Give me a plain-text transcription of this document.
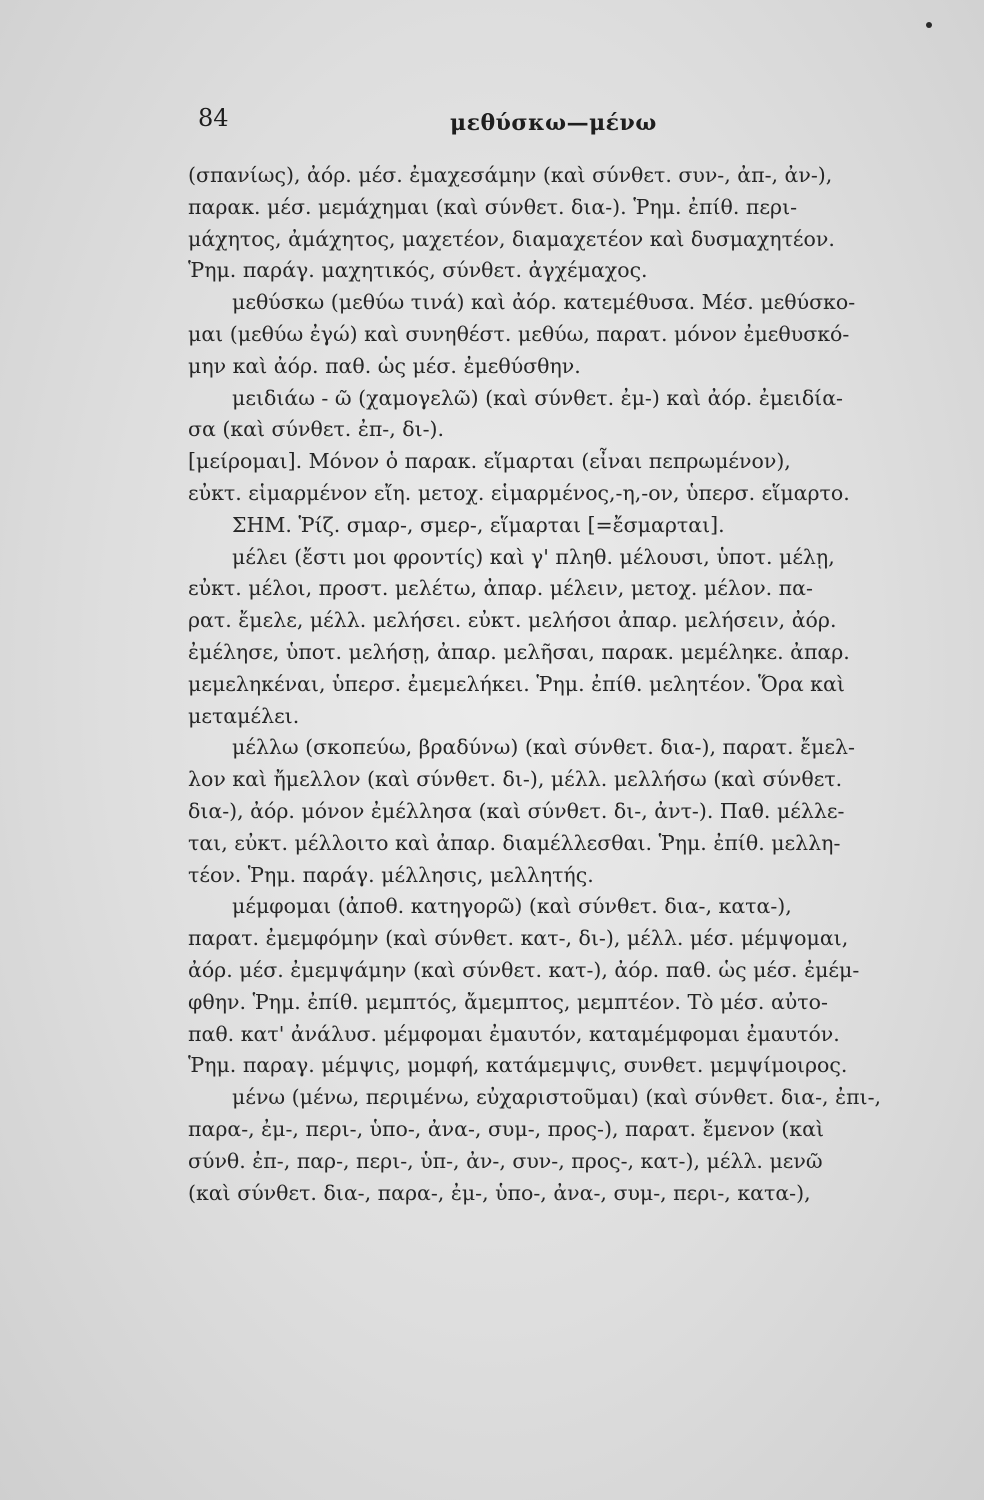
84	μεθύσκω—μένω
(σπανίως), ἀόρ. μέσ. ἐμαχεσάμην (καὶ σύνθετ. συν-, ἀπ-, ἀν-),
παρακ. μέσ. μεμάχημαι (καὶ σύνθετ. δια-). Ῥημ. ἐπίθ. περι-
μάχητος, ἀμάχητος, μαχετέον, διαμαχετέον καὶ δυσμαχητέον.
Ῥημ. παράγ. μαχητικός, σύνθετ. ἀγχέμαχος.
μεθύσκω (μεθύω τινά) καὶ ἀόρ. κατεμέθυσα. Μέσ. μεθύσκο-
μαι (μεθύω ἐγώ) καὶ συνηθέστ. μεθύω, παρατ. μόνον ἐμεθυσκό-
μην καὶ ἀόρ. παθ. ὡς μέσ. ἐμεθύσθην.
μειδιάω - ῶ (χαμογελῶ) (καὶ σύνθετ. ἐμ-) καὶ ἀόρ. ἐμειδία-
σα (καὶ σύνθετ. ἐπ-, δι-).
[μείρομαι]. Μόνον ὁ παρακ. εἵμαρται (εἶναι πεπρωμένον),
εὐκτ. εἱμαρμένον εἴη. μετοχ. εἱμαρμένος,-η,-ον, ὑπερσ. εἵμαρτο.
ΣΗΜ. Ῥίζ. σμαρ-, σμερ-, εἵμαρται [=ἔσμαρται].
μέλει (ἔστι μοι φροντίς) καὶ γ' πληθ. μέλουσι, ὑποτ. μέλῃ,
εὐκτ. μέλοι, προστ. μελέτω, ἀπαρ. μέλειν, μετοχ. μέλον. πα-
ρατ. ἔμελε, μέλλ. μελήσει. εὐκτ. μελήσοι ἀπαρ. μελήσειν, ἀόρ.
ἐμέλησε, ὑποτ. μελήσῃ, ἀπαρ. μελῆσαι, παρακ. μεμέληκε. ἀπαρ.
μεμεληκέναι, ὑπερσ. ἐμεμελήκει. Ῥημ. ἐπίθ. μελητέον. Ὅρα καὶ
μεταμέλει.
μέλλω (σκοπεύω, βραδύνω) (καὶ σύνθετ. δια-), παρατ. ἔμελ-
λον καὶ ἤμελλον (καὶ σύνθετ. δι-), μέλλ. μελλήσω (καὶ σύνθετ.
δια-), ἀόρ. μόνον ἐμέλλησα (καὶ σύνθετ. δι-, ἀντ-). Παθ. μέλλε-
ται, εὐκτ. μέλλοιτο καὶ ἀπαρ. διαμέλλεσθαι. Ῥημ. ἐπίθ. μελλη-
τέον. Ῥημ. παράγ. μέλλησις, μελλητής.
μέμφομαι (ἀποθ. κατηγορῶ) (καὶ σύνθετ. δια-, κατα-),
παρατ. ἐμεμφόμην (καὶ σύνθετ. κατ-, δι-), μέλλ. μέσ. μέμψομαι,
ἀόρ. μέσ. ἐμεμψάμην (καὶ σύνθετ. κατ-), ἀόρ. παθ. ὡς μέσ. ἐμέμ-
φθην. Ῥημ. ἐπίθ. μεμπτός, ἄμεμπτος, μεμπτέον. Τὸ μέσ. αὐτο-
παθ. κατ' ἀνάλυσ. μέμφομαι ἐμαυτόν, καταμέμφομαι ἐμαυτόν.
Ῥημ. παραγ. μέμψις, μομφή, κατάμεμψις, συνθετ. μεμψίμοιρος.
μένω (μένω, περιμένω, εὐχαριστοῦμαι) (καὶ σύνθετ. δια-, ἐπι-,
παρα-, ἐμ-, περι-, ὑπο-, ἀνα-, συμ-, προς-), παρατ. ἔμενον (καὶ
σύνθ. ἐπ-, παρ-, περι-, ὑπ-, ἀν-, συν-, προς-, κατ-), μέλλ. μενῶ
(καὶ σύνθετ. δια-, παρα-, ἐμ-, ὑπο-, ἀνα-, συμ-, περι-, κατα-),
